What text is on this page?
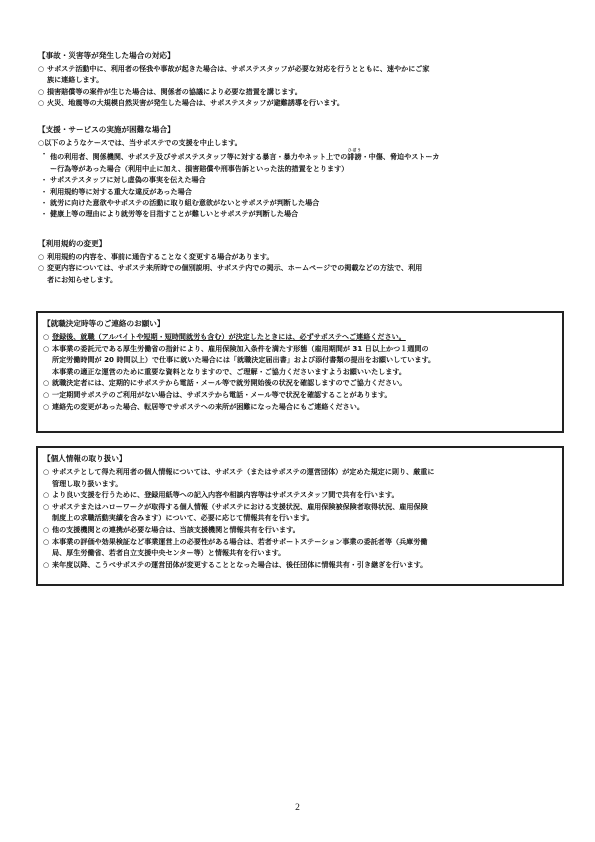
【事故・災害等が発生した場合の対応】
○ サポステ活動中に、利用者の怪我や事故が起きた場合は、サポステスタッフが必要な対応を行うとともに、速やかにご家
族に連絡します。
○ 損害賠償等の案件が生じた場合は、関係者の協議により必要な措置を講じます。
○ 火災、地震等の大規模自然災害が発生した場合は、サポステスタッフが避難誘導を行います。
【支援・サービスの実施が困難な場合】
○以下のようなケースでは、当サポステでの支援を中止します。
・ 他の利用者、関係機関、サポステ及びサポステスタッフ等に対する暴言・暴力やネット上での誹謗ひぼう・中傷、脅迫やストーカ
ー行為等があった場合（利用中止に加え、損害賠償や刑事告訴といった法的措置をとります）
・ サポステスタッフに対し虚偽の事実を伝えた場合
・ 利用規約等に対する重大な違反があった場合
・ 就労に向けた意欲やサポステの活動に取り組む意欲がないとサポステが判断した場合
・ 健康上等の理由により就労等を目指すことが難しいとサポステが判断した場合
【利用規約の変更】
○ 利用規約の内容を、事前に通告することなく変更する場合があります。
○ 変更内容については、サポステ来所時での個別説明、サポステ内での掲示、ホームページでの掲載などの方法で、利用
者にお知らせします。
【就職決定時等のご連絡のお願い】
○ 登録後、就職（アルバイトや短期・短時間就労も含む）が決定したときには、必ずサポステへご連絡ください。
○ 本事業の委託元である厚生労働省の指針により、雇用保険加入条件を満たす形態（雇用期間が 31 日以上かつ１週間の
所定労働時間が 20 時間以上）で仕事に就いた場合には「就職決定届出書」および添付書類の提出をお願いしています。
本事業の適正な運営のために重要な資料となりますので、ご理解・ご協力くださいますようお願いいたします。
○ 就職決定者には、定期的にサポステから電話・メール等で就労開始後の状況を確認しますのでご協力ください。
○ 一定期間サポステのご利用がない場合は、サポステから電話・メール等で状況を確認することがあります。
○ 連絡先の変更があった場合、転居等でサポステへの来所が困難になった場合にもご連絡ください。
【個人情報の取り扱い】
○ サポステとして得た利用者の個人情報については、サポステ（またはサポステの運営団体）が定めた規定に則り、厳重に
管理し取り扱います。
○ より良い支援を行うために、登録用紙等への記入内容や相談内容等はサポステスタッフ間で共有を行います。
○ サポステまたはハローワークが取得する個人情報（サポステにおける支援状況、雇用保険被保険者取得状況、雇用保険
制度上の求職活動実績を含みます）について、必要に応じて情報共有を行います。
○ 他の支援機関との連携が必要な場合は、当該支援機関と情報共有を行います。
○ 本事業の評価や効果検証など事業運営上の必要性がある場合は、若者サポートステーション事業の委託者等（兵庫労働
局、厚生労働省、若者自立支援中央センター等）と情報共有を行います。
○ 来年度以降、こうべサポステの運営団体が変更することとなった場合は、後任団体に情報共有・引き継ぎを行います。
2
